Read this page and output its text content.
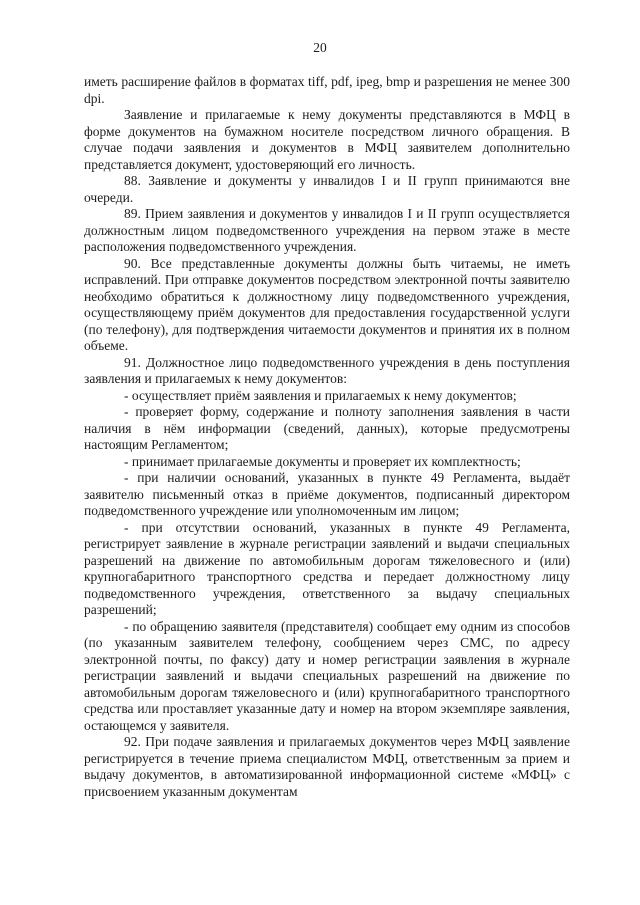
20

иметь расширение файлов в форматах tiff, pdf, ipeg, bmp и разрешения не менее 300 dpi.

Заявление и прилагаемые к нему документы представляются в МФЦ в форме документов на бумажном носителе посредством личного обращения. В случае подачи заявления и документов в МФЦ заявителем дополнительно представляется документ, удостоверяющий его личность.

88. Заявление и документы у инвалидов I и II групп принимаются вне очереди.

89. Прием заявления и документов у инвалидов I и II групп осуществляется должностным лицом подведомственного учреждения на первом этаже в месте расположения подведомственного учреждения.

90. Все представленные документы должны быть читаемы, не иметь исправлений. При отправке документов посредством электронной почты заявителю необходимо обратиться к должностному лицу подведомственного учреждения, осуществляющему приём документов для предоставления государственной услуги (по телефону), для подтверждения читаемости документов и принятия их в полном объеме.

91. Должностное лицо подведомственного учреждения в день поступления заявления и прилагаемых к нему документов:

- осуществляет приём заявления и прилагаемых к нему документов;

- проверяет форму, содержание и полноту заполнения заявления в части наличия в нём информации (сведений, данных), которые предусмотрены настоящим Регламентом;

- принимает прилагаемые документы и проверяет их комплектность;

- при наличии оснований, указанных в пункте 49 Регламента, выдаёт заявителю письменный отказ в приёме документов, подписанный директором подведомственного учреждение или уполномоченным им лицом;

- при отсутствии оснований, указанных в пункте 49 Регламента, регистрирует заявление в журнале регистрации заявлений и выдачи специальных разрешений на движение по автомобильным дорогам тяжеловесного и (или) крупногабаритного транспортного средства и передает должностному лицу подведомственного учреждения, ответственного за выдачу специальных разрешений;

- по обращению заявителя (представителя) сообщает ему одним из способов (по указанным заявителем телефону, сообщением через СМС, по адресу электронной почты, по факсу) дату и номер регистрации заявления в журнале регистрации заявлений и выдачи специальных разрешений на движение по автомобильным дорогам тяжеловесного и (или) крупногабаритного транспортного средства или проставляет указанные дату и номер на втором экземпляре заявления, остающемся у заявителя.

92. При подаче заявления и прилагаемых документов через МФЦ заявление регистрируется в течение приема специалистом МФЦ, ответственным за прием и выдачу документов, в автоматизированной информационной системе «МФЦ» с присвоением указанным документам
